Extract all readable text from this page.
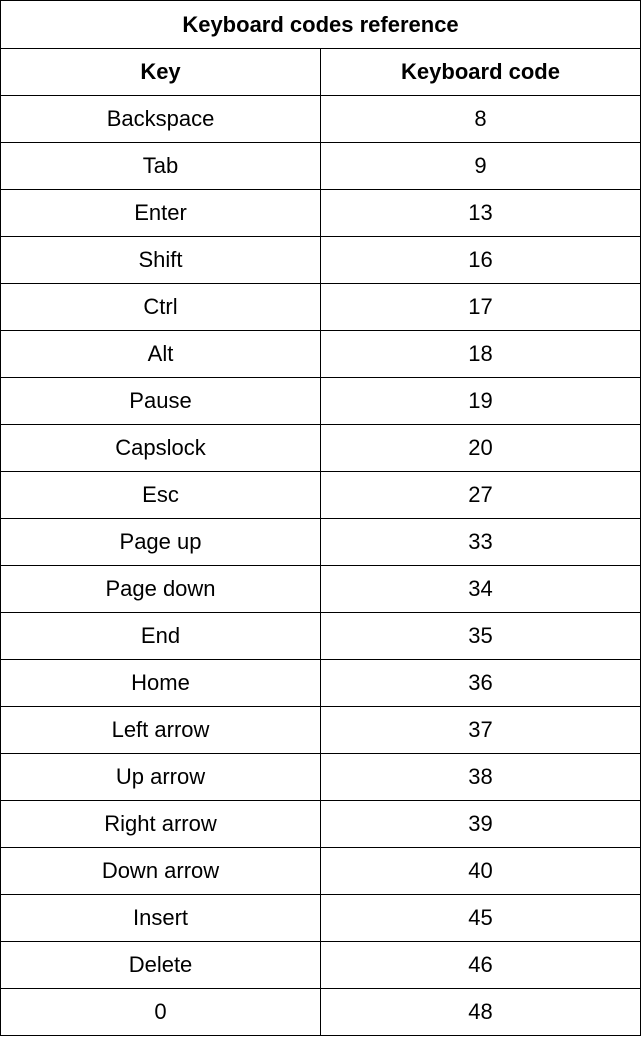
Keyboard codes reference	
Key	Keyboard code
Backspace	8
Tab	9
Enter	13
Shift	16
Ctrl	17
Alt	18
Pause	19
Capslock	20
Esc	27
Page up	33
Page down	34
End	35
Home	36
Left arrow	37
Up arrow	38
Right arrow	39
Down arrow	40
Insert	45
Delete	46
0	48
